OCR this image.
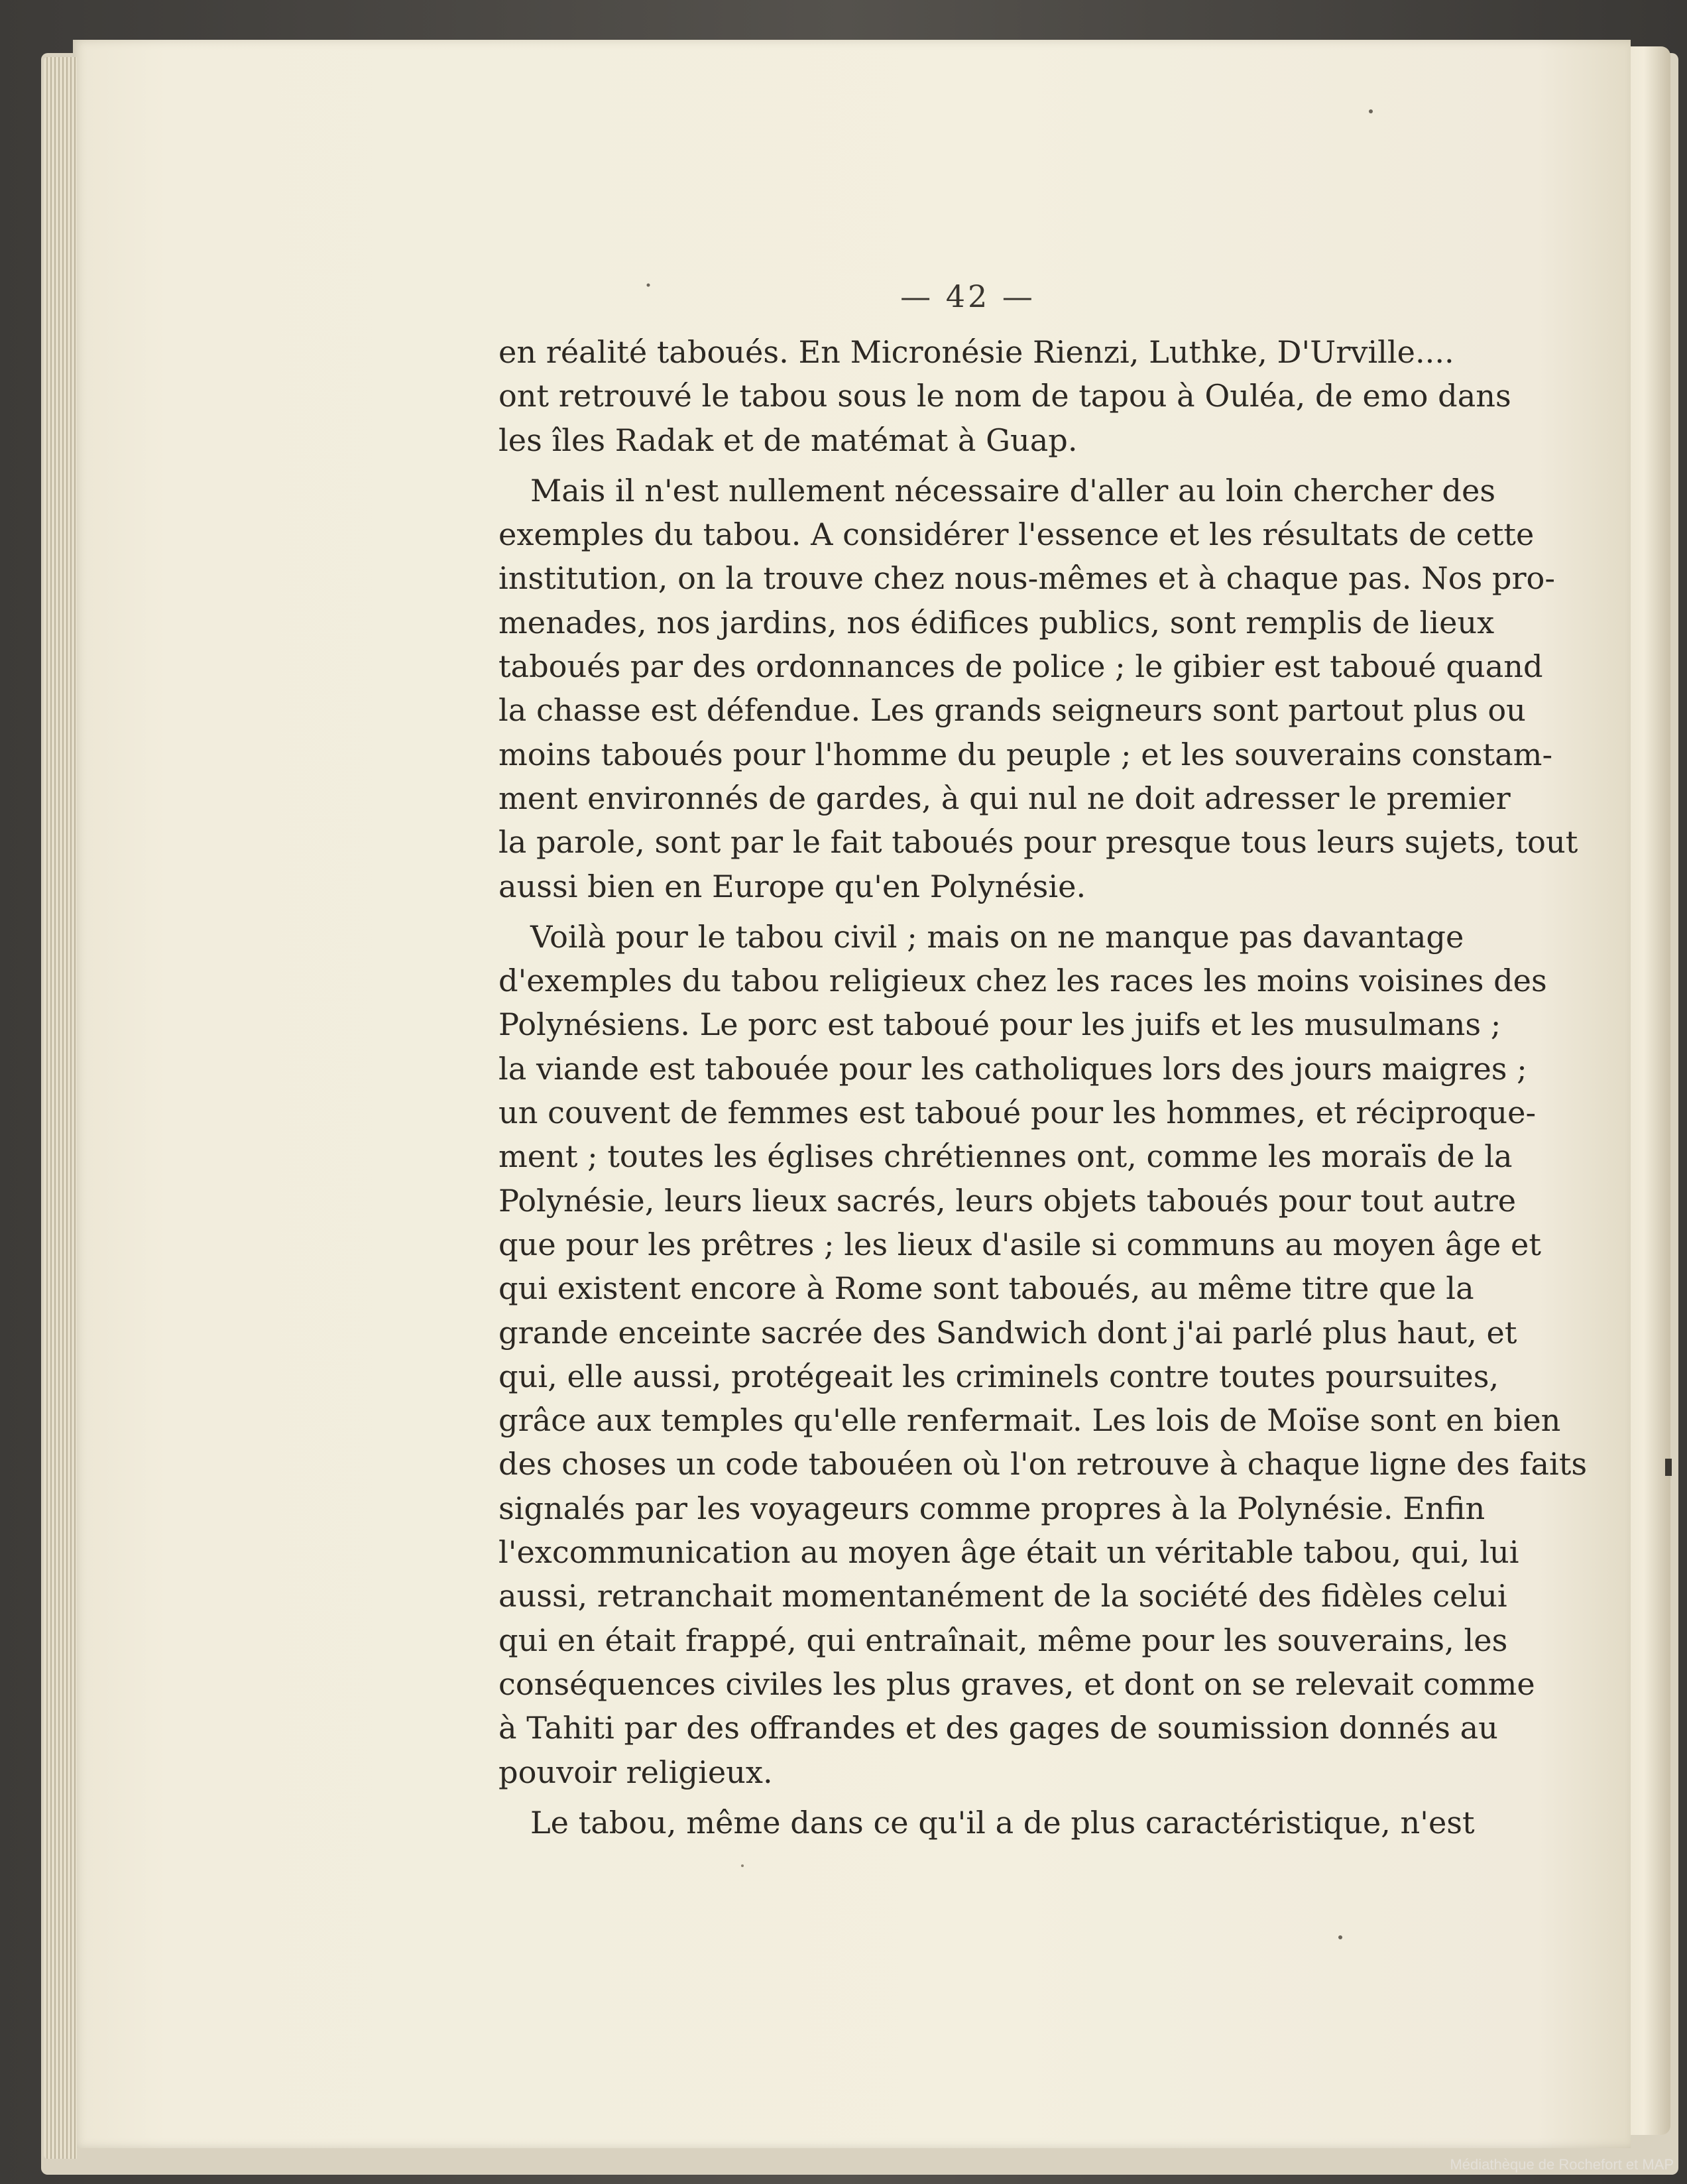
— 42 —
en réalité taboués. En Micronésie Rienzi, Luthke, D'Urville....
ont retrouvé le tabou sous le nom de tapou à Ouléa, de emo dans
les îles Radak et de matémat à Guap.
Mais il n'est nullement nécessaire d'aller au loin chercher des
exemples du tabou. A considérer l'essence et les résultats de cette
institution, on la trouve chez nous-mêmes et à chaque pas. Nos pro-
menades, nos jardins, nos édifices publics, sont remplis de lieux
taboués par des ordonnances de police ; le gibier est taboué quand
la chasse est défendue. Les grands seigneurs sont partout plus ou
moins taboués pour l'homme du peuple ; et les souverains constam-
ment environnés de gardes, à qui nul ne doit adresser le premier
la parole, sont par le fait taboués pour presque tous leurs sujets, tout
aussi bien en Europe qu'en Polynésie.
Voilà pour le tabou civil ; mais on ne manque pas davantage
d'exemples du tabou religieux chez les races les moins voisines des
Polynésiens. Le porc est taboué pour les juifs et les musulmans ;
la viande est tabouée pour les catholiques lors des jours maigres ;
un couvent de femmes est taboué pour les hommes, et réciproque-
ment ; toutes les églises chrétiennes ont, comme les moraïs de la
Polynésie, leurs lieux sacrés, leurs objets taboués pour tout autre
que pour les prêtres ; les lieux d'asile si communs au moyen âge et
qui existent encore à Rome sont taboués, au même titre que la
grande enceinte sacrée des Sandwich dont j'ai parlé plus haut, et
qui, elle aussi, protégeait les criminels contre toutes poursuites,
grâce aux temples qu'elle renfermait. Les lois de Moïse sont en bien
des choses un code tabouéen où l'on retrouve à chaque ligne des faits
signalés par les voyageurs comme propres à la Polynésie. Enfin
l'excommunication au moyen âge était un véritable tabou, qui, lui
aussi, retranchait momentanément de la société des fidèles celui
qui en était frappé, qui entraînait, même pour les souverains, les
conséquences civiles les plus graves, et dont on se relevait comme
à Tahiti par des offrandes et des gages de soumission donnés au
pouvoir religieux.
Le tabou, même dans ce qu'il a de plus caractéristique, n'est
Médiathèque de Rochefort et MAP
